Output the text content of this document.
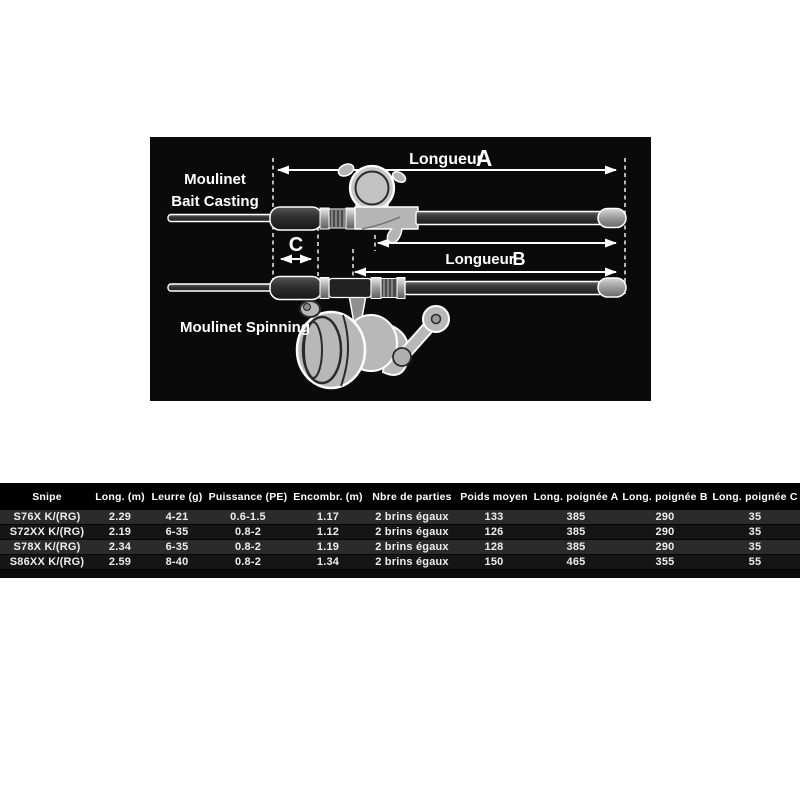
Longueur
A
Longueur
B
C
Moulinet
Bait Casting
Moulinet Spinning
Snipe	Long. (m)	Leurre (g)	Puissance (PE)	Encombr. (m)	Nbre de parties	Poids moyen	Long. poignée A	Long. poignée B	Long. poignée C
S76X K/(RG)	2.29	4-21	0.6-1.5	1.17	2 brins égaux	133	385	290	35
S72XX K/(RG)	2.19	6-35	0.8-2	1.12	2 brins égaux	126	385	290	35
S78X K/(RG)	2.34	6-35	0.8-2	1.19	2 brins égaux	128	385	290	35
S86XX K/(RG)	2.59	8-40	0.8-2	1.34	2 brins égaux	150	465	355	55
